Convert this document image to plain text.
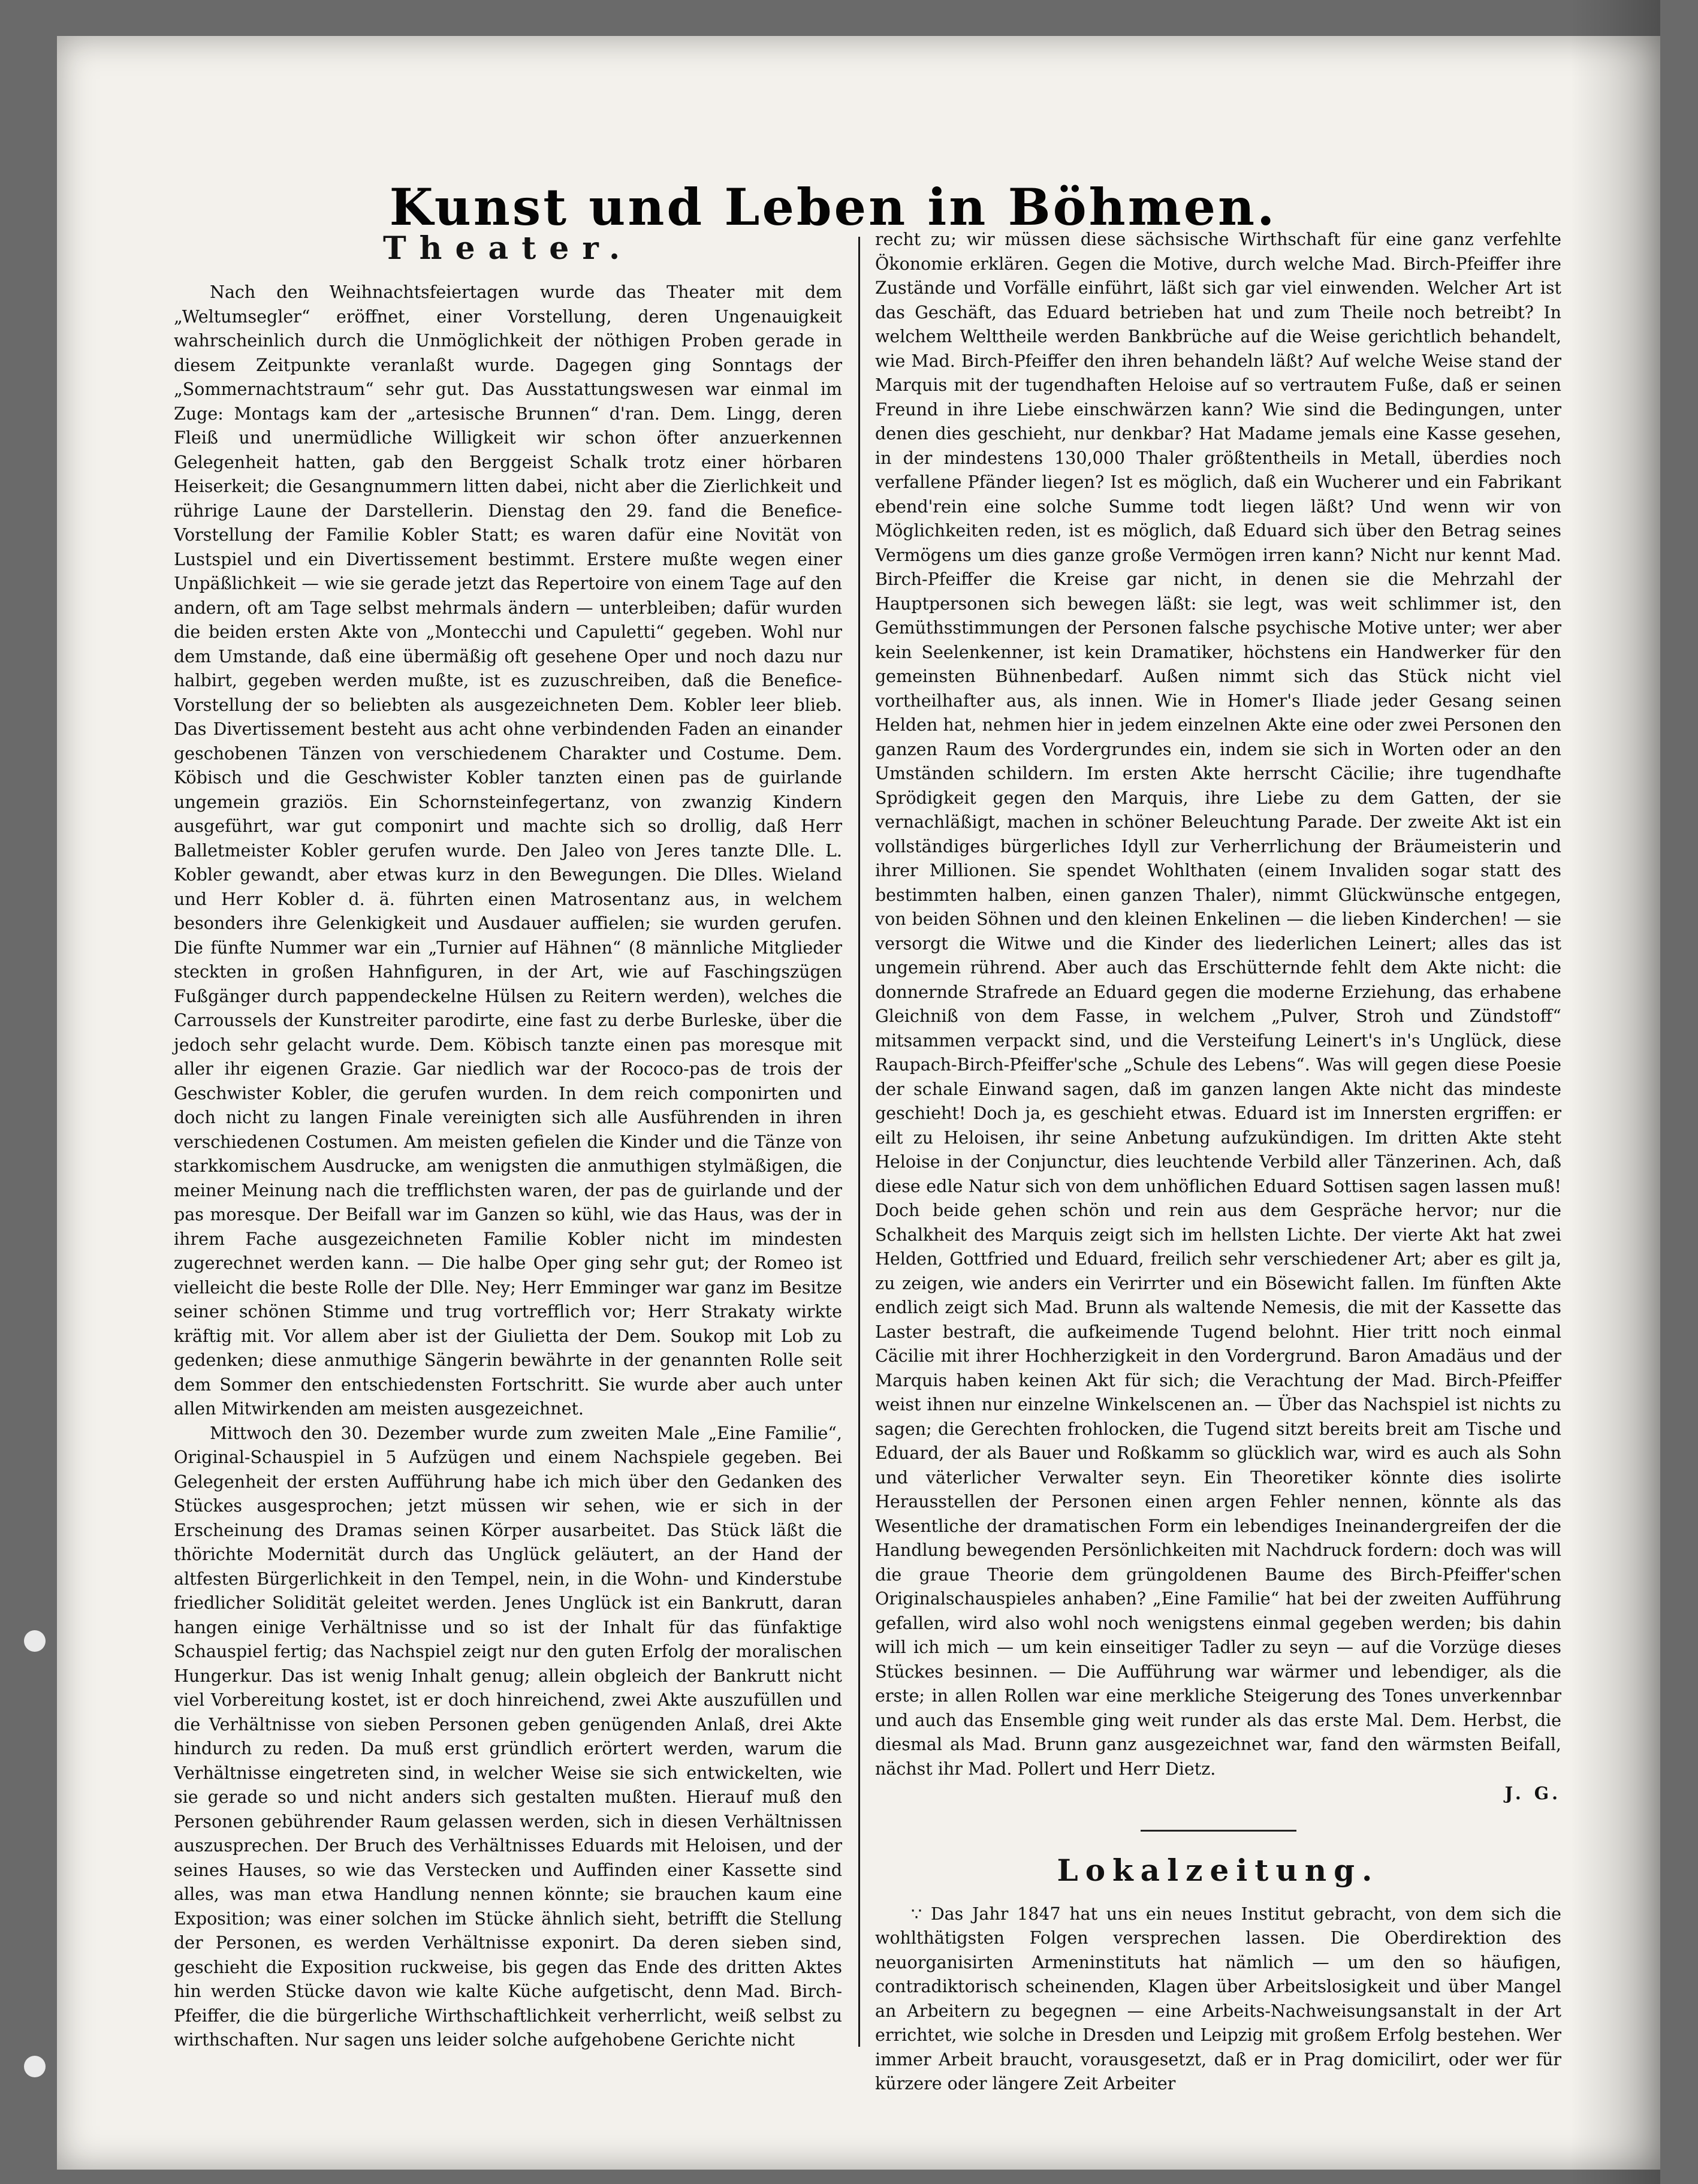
Kunst und Leben in Böhmen.
Theater.

Nach den Weihnachtsfeiertagen wurde das Theater mit dem „Weltumsegler“ eröffnet, einer Vorstellung, deren Ungenauigkeit wahrscheinlich durch die Unmöglichkeit der nöthigen Proben gerade in diesem Zeitpunkte veranlaßt wurde. Dagegen ging Sonntags der „Sommernachtstraum“ sehr gut. Das Ausstattungswesen war einmal im Zuge: Montags kam der „artesische Brunnen“ d'ran. Dem. Lingg, deren Fleiß und unermüdliche Willigkeit wir schon öfter anzuerkennen Gelegenheit hatten, gab den Berggeist Schalk trotz einer hörbaren Heiserkeit; die Gesangnummern litten dabei, nicht aber die Zierlichkeit und rührige Laune der Darstellerin. Dienstag den 29. fand die Benefice-Vorstellung der Familie Kobler Statt; es waren dafür eine Novität von Lustspiel und ein Divertissement bestimmt. Erstere mußte wegen einer Unpäßlichkeit — wie sie gerade jetzt das Repertoire von einem Tage auf den andern, oft am Tage selbst mehrmals ändern — unterbleiben; dafür wurden die beiden ersten Akte von „Montecchi und Capuletti“ gegeben. Wohl nur dem Umstande, daß eine übermäßig oft gesehene Oper und noch dazu nur halbirt, gegeben werden mußte, ist es zuzuschreiben, daß die Benefice-Vorstellung der so beliebten als ausgezeichneten Dem. Kobler leer blieb. Das Divertissement besteht aus acht ohne verbindenden Faden an einander geschobenen Tänzen von verschiedenem Charakter und Costume. Dem. Köbisch und die Geschwister Kobler tanzten einen pas de guirlande ungemein graziös. Ein Schornsteinfegertanz, von zwanzig Kindern ausgeführt, war gut componirt und machte sich so drollig, daß Herr Balletmeister Kobler gerufen wurde. Den Jaleo von Jeres tanzte Dlle. L. Kobler gewandt, aber etwas kurz in den Bewegungen. Die Dlles. Wieland und Herr Kobler d. ä. führten einen Matrosentanz aus, in welchem besonders ihre Gelenkigkeit und Ausdauer auffielen; sie wurden gerufen. Die fünfte Nummer war ein „Turnier auf Hähnen“ (8 männliche Mitglieder steckten in großen Hahnfiguren, in der Art, wie auf Faschingszügen Fußgänger durch pappendeckelne Hülsen zu Reitern werden), welches die Carroussels der Kunstreiter parodirte, eine fast zu derbe Burleske, über die jedoch sehr gelacht wurde. Dem. Köbisch tanzte einen pas moresque mit aller ihr eigenen Grazie. Gar niedlich war der Rococo-pas de trois der Geschwister Kobler, die gerufen wurden. In dem reich componirten und doch nicht zu langen Finale vereinigten sich alle Ausführenden in ihren verschiedenen Costumen. Am meisten gefielen die Kinder und die Tänze von starkkomischem Ausdrucke, am wenigsten die anmuthigen stylmäßigen, die meiner Meinung nach die trefflichsten waren, der pas de guirlande und der pas moresque. Der Beifall war im Ganzen so kühl, wie das Haus, was der in ihrem Fache ausgezeichneten Familie Kobler nicht im mindesten zugerechnet werden kann. — Die halbe Oper ging sehr gut; der Romeo ist vielleicht die beste Rolle der Dlle. Ney; Herr Emminger war ganz im Besitze seiner schönen Stimme und trug vortrefflich vor; Herr Strakaty wirkte kräftig mit. Vor allem aber ist der Giulietta der Dem. Soukop mit Lob zu gedenken; diese anmuthige Sängerin bewährte in der genannten Rolle seit dem Sommer den entschiedensten Fortschritt. Sie wurde aber auch unter allen Mitwirkenden am meisten ausgezeichnet.

Mittwoch den 30. Dezember wurde zum zweiten Male „Eine Familie“, Original-Schauspiel in 5 Aufzügen und einem Nachspiele gegeben. Bei Gelegenheit der ersten Aufführung habe ich mich über den Gedanken des Stückes ausgesprochen; jetzt müssen wir sehen, wie er sich in der Erscheinung des Dramas seinen Körper ausarbeitet. Das Stück läßt die thörichte Modernität durch das Unglück geläutert, an der Hand der altfesten Bürgerlichkeit in den Tempel, nein, in die Wohn- und Kinderstube friedlicher Solidität geleitet werden. Jenes Unglück ist ein Bankrutt, daran hangen einige Verhältnisse und so ist der Inhalt für das fünfaktige Schauspiel fertig; das Nachspiel zeigt nur den guten Erfolg der moralischen Hungerkur. Das ist wenig Inhalt genug; allein obgleich der Bankrutt nicht viel Vorbereitung kostet, ist er doch hinreichend, zwei Akte auszufüllen und die Verhältnisse von sieben Personen geben genügenden Anlaß, drei Akte hindurch zu reden. Da muß erst gründlich erörtert werden, warum die Verhältnisse eingetreten sind, in welcher Weise sie sich entwickelten, wie sie gerade so und nicht anders sich gestalten mußten. Hierauf muß den Personen gebührender Raum gelassen werden, sich in diesen Verhältnissen auszusprechen. Der Bruch des Verhältnisses Eduards mit Heloisen, und der seines Hauses, so wie das Verstecken und Auffinden einer Kassette sind alles, was man etwa Handlung nennen könnte; sie brauchen kaum eine Exposition; was einer solchen im Stücke ähnlich sieht, betrifft die Stellung der Personen, es werden Verhältnisse exponirt. Da deren sieben sind, geschieht die Exposition ruckweise, bis gegen das Ende des dritten Aktes hin werden Stücke davon wie kalte Küche aufgetischt, denn Mad. Birch-Pfeiffer, die die bürgerliche Wirthschaftlichkeit verherrlicht, weiß selbst zu wirthschaften. Nur sagen uns leider solche aufgehobene Gerichte nicht

recht zu; wir müssen diese sächsische Wirthschaft für eine ganz verfehlte Ökonomie erklären. Gegen die Motive, durch welche Mad. Birch-Pfeiffer ihre Zustände und Vorfälle einführt, läßt sich gar viel einwenden. Welcher Art ist das Geschäft, das Eduard betrieben hat und zum Theile noch betreibt? In welchem Welttheile werden Bankbrüche auf die Weise gerichtlich behandelt, wie Mad. Birch-Pfeiffer den ihren behandeln läßt? Auf welche Weise stand der Marquis mit der tugendhaften Heloise auf so vertrautem Fuße, daß er seinen Freund in ihre Liebe einschwärzen kann? Wie sind die Bedingungen, unter denen dies geschieht, nur denkbar? Hat Madame jemals eine Kasse gesehen, in der mindestens 130,000 Thaler größtentheils in Metall, überdies noch verfallene Pfänder liegen? Ist es möglich, daß ein Wucherer und ein Fabrikant ebend'rein eine solche Summe todt liegen läßt? Und wenn wir von Möglichkeiten reden, ist es möglich, daß Eduard sich über den Betrag seines Vermögens um dies ganze große Vermögen irren kann? Nicht nur kennt Mad. Birch-Pfeiffer die Kreise gar nicht, in denen sie die Mehrzahl der Hauptpersonen sich bewegen läßt: sie legt, was weit schlimmer ist, den Gemüthsstimmungen der Personen falsche psychische Motive unter; wer aber kein Seelenkenner, ist kein Dramatiker, höchstens ein Handwerker für den gemeinsten Bühnenbedarf. Außen nimmt sich das Stück nicht viel vortheilhafter aus, als innen. Wie in Homer's Iliade jeder Gesang seinen Helden hat, nehmen hier in jedem einzelnen Akte eine oder zwei Personen den ganzen Raum des Vordergrundes ein, indem sie sich in Worten oder an den Umständen schildern. Im ersten Akte herrscht Cäcilie; ihre tugendhafte Sprödigkeit gegen den Marquis, ihre Liebe zu dem Gatten, der sie vernachläßigt, machen in schöner Beleuchtung Parade. Der zweite Akt ist ein vollständiges bürgerliches Idyll zur Verherrlichung der Bräumeisterin und ihrer Millionen. Sie spendet Wohlthaten (einem Invaliden sogar statt des bestimmten halben, einen ganzen Thaler), nimmt Glückwünsche entgegen, von beiden Söhnen und den kleinen Enkelinen — die lieben Kinderchen! — sie versorgt die Witwe und die Kinder des liederlichen Leinert; alles das ist ungemein rührend. Aber auch das Erschütternde fehlt dem Akte nicht: die donnernde Strafrede an Eduard gegen die moderne Erziehung, das erhabene Gleichniß von dem Fasse, in welchem „Pulver, Stroh und Zündstoff“ mitsammen verpackt sind, und die Versteifung Leinert's in's Unglück, diese Raupach-Birch-Pfeiffer'sche „Schule des Lebens“. Was will gegen diese Poesie der schale Einwand sagen, daß im ganzen langen Akte nicht das mindeste geschieht! Doch ja, es geschieht etwas. Eduard ist im Innersten ergriffen: er eilt zu Heloisen, ihr seine Anbetung aufzukündigen. Im dritten Akte steht Heloise in der Conjunctur, dies leuchtende Verbild aller Tänzerinen. Ach, daß diese edle Natur sich von dem unhöflichen Eduard Sottisen sagen lassen muß! Doch beide gehen schön und rein aus dem Gespräche hervor; nur die Schalkheit des Marquis zeigt sich im hellsten Lichte. Der vierte Akt hat zwei Helden, Gottfried und Eduard, freilich sehr verschiedener Art; aber es gilt ja, zu zeigen, wie anders ein Verirrter und ein Bösewicht fallen. Im fünften Akte endlich zeigt sich Mad. Brunn als waltende Nemesis, die mit der Kassette das Laster bestraft, die aufkeimende Tugend belohnt. Hier tritt noch einmal Cäcilie mit ihrer Hochherzigkeit in den Vordergrund. Baron Amadäus und der Marquis haben keinen Akt für sich; die Verachtung der Mad. Birch-Pfeiffer weist ihnen nur einzelne Winkelscenen an. — Über das Nachspiel ist nichts zu sagen; die Gerechten frohlocken, die Tugend sitzt bereits breit am Tische und Eduard, der als Bauer und Roßkamm so glücklich war, wird es auch als Sohn und väterlicher Verwalter seyn. Ein Theoretiker könnte dies isolirte Herausstellen der Personen einen argen Fehler nennen, könnte als das Wesentliche der dramatischen Form ein lebendiges Ineinandergreifen der die Handlung bewegenden Persönlichkeiten mit Nachdruck fordern: doch was will die graue Theorie dem grüngoldenen Baume des Birch-Pfeiffer'schen Originalschauspieles anhaben? „Eine Familie“ hat bei der zweiten Aufführung gefallen, wird also wohl noch wenigstens einmal gegeben werden; bis dahin will ich mich — um kein einseitiger Tadler zu seyn — auf die Vorzüge dieses Stückes besinnen. — Die Aufführung war wärmer und lebendiger, als die erste; in allen Rollen war eine merkliche Steigerung des Tones unverkennbar und auch das Ensemble ging weit runder als das erste Mal. Dem. Herbst, die diesmal als Mad. Brunn ganz ausgezeichnet war, fand den wärmsten Beifall, nächst ihr Mad. Pollert und Herr Dietz.

J. G.

Lokalzeitung.

∵ Das Jahr 1847 hat uns ein neues Institut gebracht, von dem sich die wohlthätigsten Folgen versprechen lassen. Die Oberdirektion des neuorganisirten Armeninstituts hat nämlich — um den so häufigen, contradiktorisch scheinenden, Klagen über Arbeitslosigkeit und über Mangel an Arbeitern zu begegnen — eine Arbeits-Nachweisungsanstalt in der Art errichtet, wie solche in Dresden und Leipzig mit großem Erfolg bestehen. Wer immer Arbeit braucht, vorausgesetzt, daß er in Prag domicilirt, oder wer für kürzere oder längere Zeit Arbeiter
